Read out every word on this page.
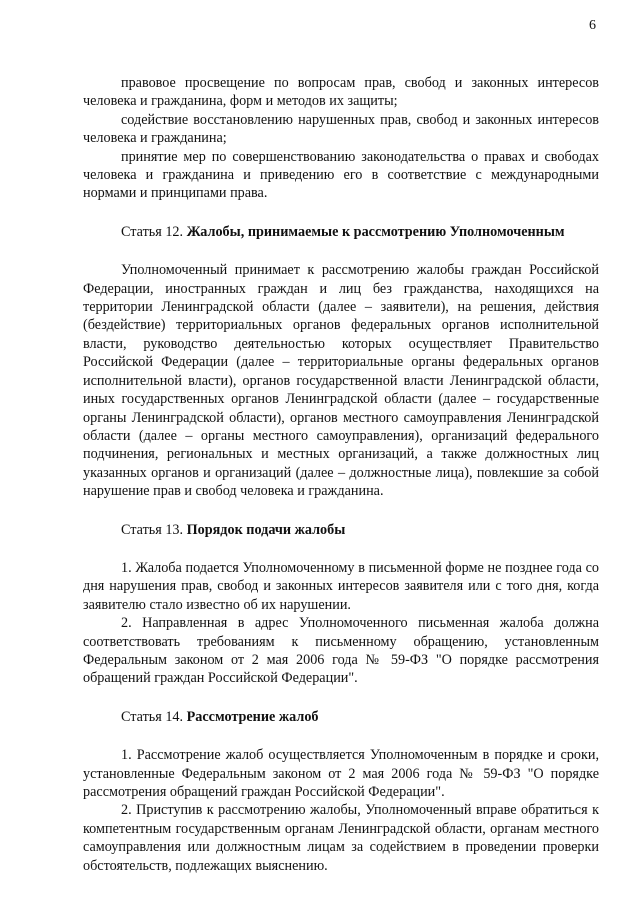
6

правовое просвещение по вопросам прав, свобод и законных интересов человека и гражданина, форм и методов их защиты;

содействие восстановлению нарушенных прав, свобод и законных интересов человека и гражданина;

принятие мер по совершенствованию законодательства о правах и свободах человека и гражданина и приведению его в соответствие с международными нормами и принципами права.

Статья 12. Жалобы, принимаемые к рассмотрению Уполномоченным

Уполномоченный принимает к рассмотрению жалобы граждан Российской Федерации, иностранных граждан и лиц без гражданства, находящихся на территории Ленинградской области (далее – заявители), на решения, действия (бездействие) территориальных органов федеральных органов исполнительной власти, руководство деятельностью которых осуществляет Правительство Российской Федерации (далее – территориальные органы федеральных органов исполнительной власти), органов государственной власти Ленинградской области, иных государственных органов Ленинградской области (далее – государственные органы Ленинградской области), органов местного самоуправления Ленинградской области (далее – органы местного самоуправления), организаций федерального подчинения, региональных и местных организаций, а также должностных лиц указанных органов и организаций (далее – должностные лица), повлекшие за собой нарушение прав и свобод человека и гражданина.

Статья 13. Порядок подачи жалобы

1. Жалоба подается Уполномоченному в письменной форме не позднее года со дня нарушения прав, свобод и законных интересов заявителя или с того дня, когда заявителю стало известно об их нарушении.

2. Направленная в адрес Уполномоченного письменная жалоба должна соответствовать требованиям к письменному обращению, установленным Федеральным законом от 2 мая 2006 года № 59-ФЗ "О порядке рассмотрения обращений граждан Российской Федерации".

Статья 14. Рассмотрение жалоб

1. Рассмотрение жалоб осуществляется Уполномоченным в порядке и сроки, установленные Федеральным законом от 2 мая 2006 года № 59-ФЗ "О порядке рассмотрения обращений граждан Российской Федерации".

2. Приступив к рассмотрению жалобы, Уполномоченный вправе обратиться к компетентным государственным органам Ленинградской области, органам местного самоуправления или должностным лицам за содействием в проведении проверки обстоятельств, подлежащих выяснению.
